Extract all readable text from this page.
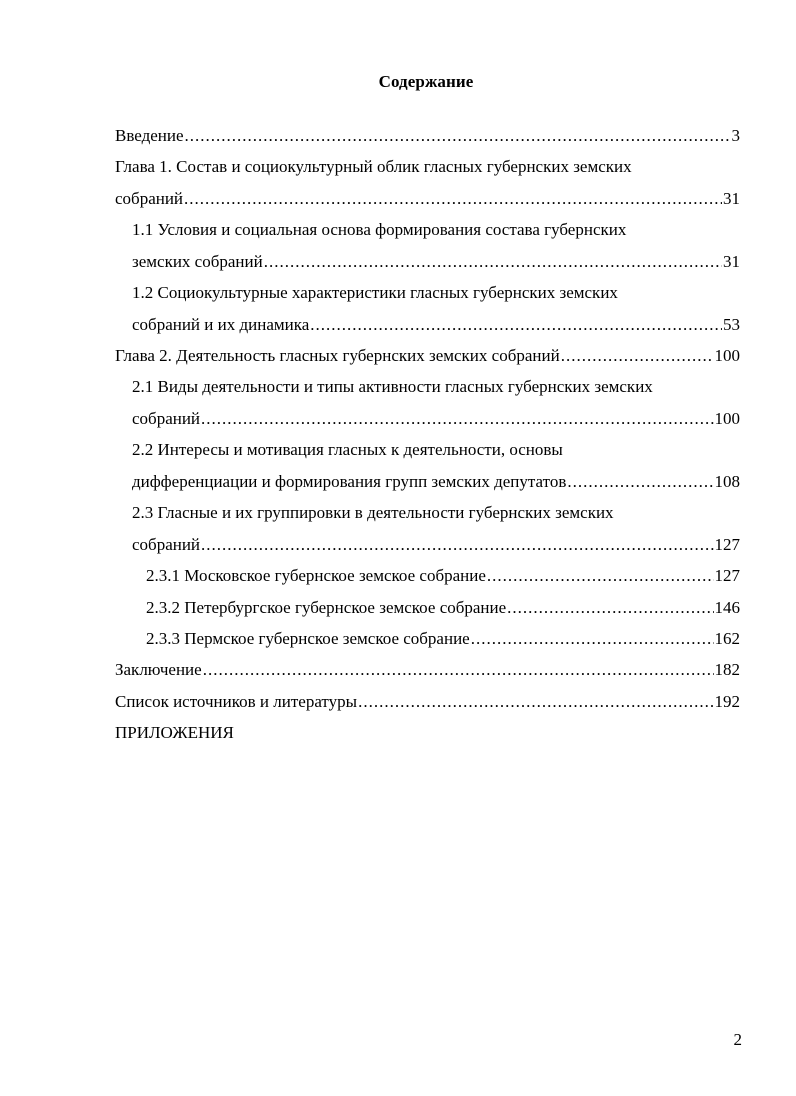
Содержание
Введение .....	3
Глава 1. Состав и социокультурный облик гласных губернских земских
собраний .....	31
1.1 Условия и социальная основа формирования состава губернских
земских собраний .....	31
1.2 Социокультурные характеристики гласных губернских земских
собраний и их динамика .....	53
Глава 2. Деятельность гласных губернских земских собраний .....	100
2.1 Виды деятельности и типы активности гласных губернских земских
собраний .....	100
2.2 Интересы и мотивация гласных к деятельности, основы
дифференциации и формирования групп земских депутатов .....	108
2.3 Гласные и их группировки в деятельности губернских земских
собраний .....	127
2.3.1 Московское губернское земское собрание .....	127
2.3.2 Петербургское губернское земское собрание .....	146
2.3.3 Пермское губернское земское собрание .....	162
Заключение .....	182
Список источников и литературы .....	192
ПРИЛОЖЕНИЯ
2
